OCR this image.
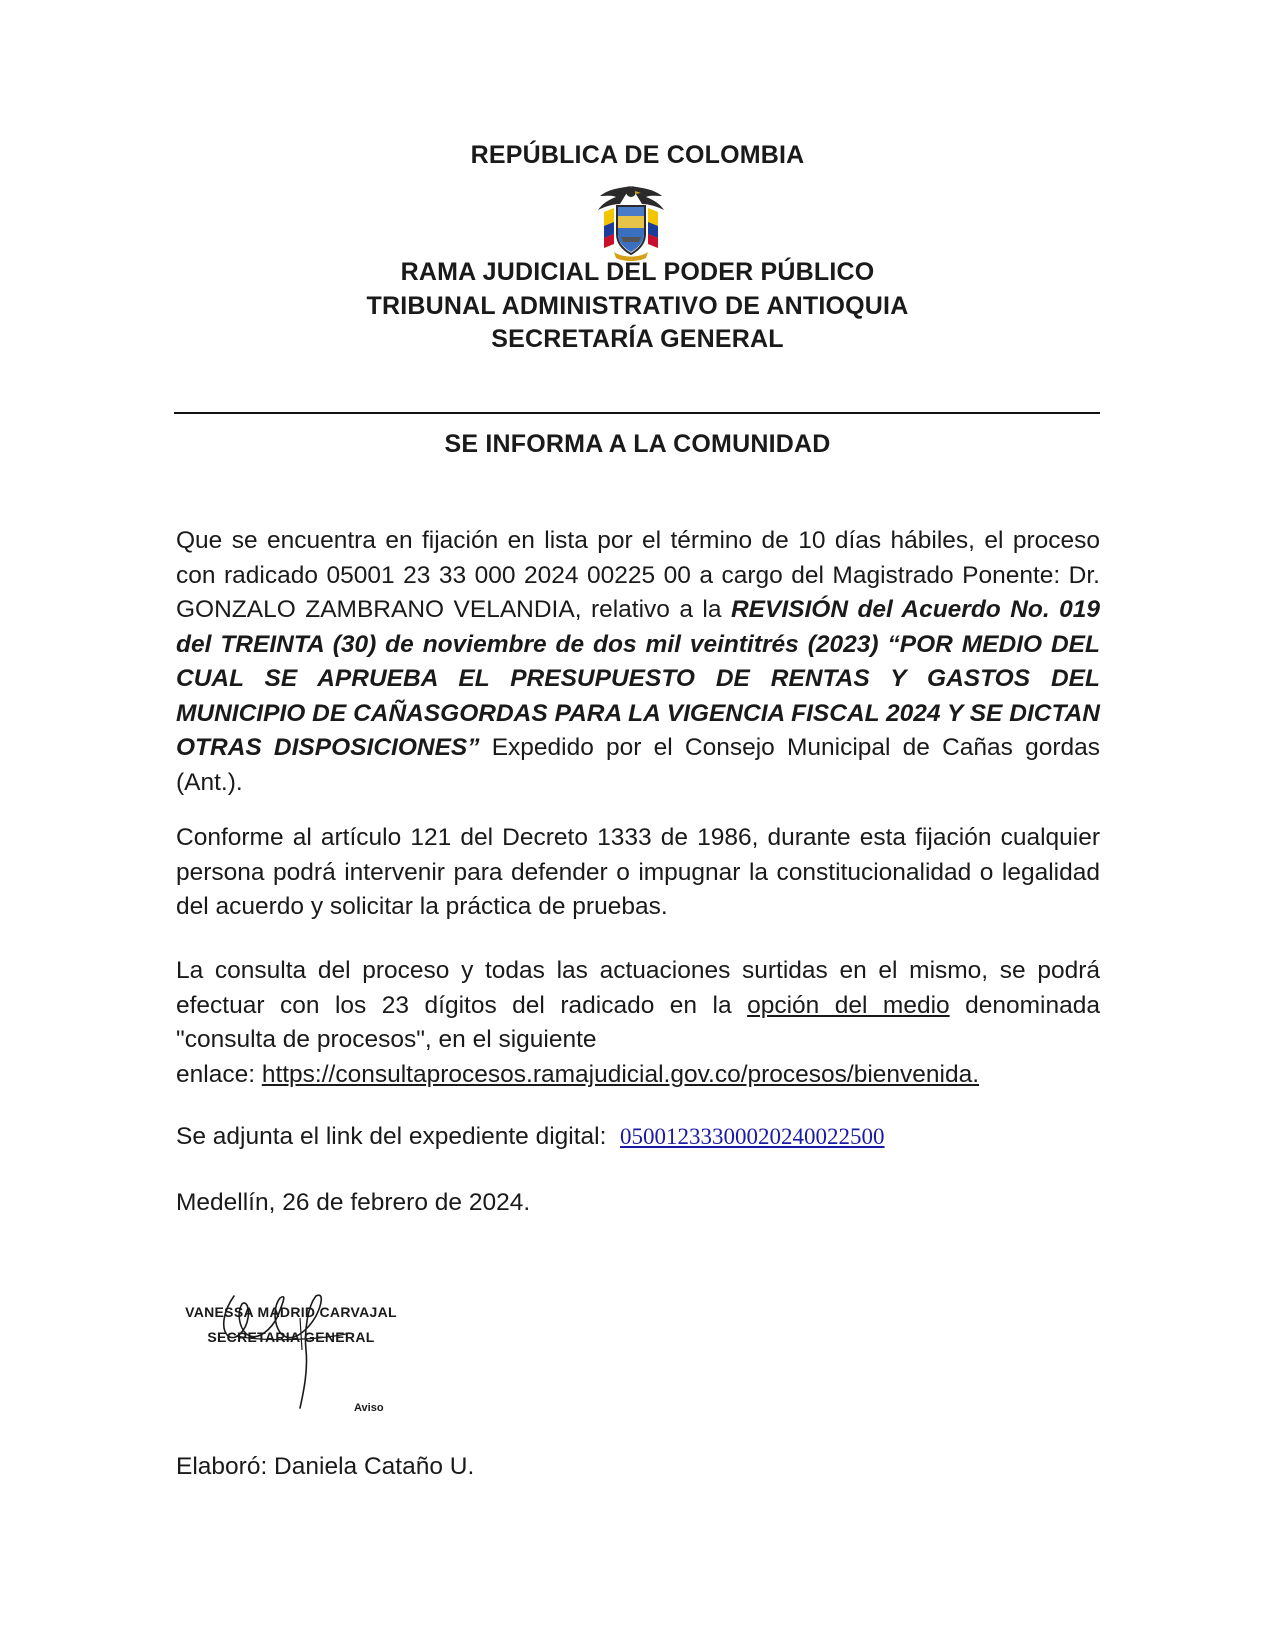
REPÚBLICA DE COLOMBIA
RAMA JUDICIAL DEL PODER PÚBLICO
TRIBUNAL ADMINISTRATIVO DE ANTIOQUIA
SECRETARÍA GENERAL
SE INFORMA A LA COMUNIDAD
Que se encuentra en fijación en lista por el término de 10 días hábiles, el proceso con radicado 05001 23 33 000 2024 00225 00 a cargo del Magistrado Ponente: Dr. GONZALO ZAMBRANO VELANDIA, relativo a la REVISIÓN del Acuerdo No. 019 del TREINTA (30) de noviembre de dos mil veintitrés (2023) “POR MEDIO DEL CUAL SE APRUEBA EL PRESUPUESTO DE RENTAS Y GASTOS DEL MUNICIPIO DE CAÑASGORDAS PARA LA VIGENCIA FISCAL 2024 Y SE DICTAN OTRAS DISPOSICIONES” Expedido por el Consejo Municipal de Cañas gordas (Ant.).
Conforme al artículo 121 del Decreto 1333 de 1986, durante esta fijación cualquier persona podrá intervenir para defender o impugnar la constitucionalidad o legalidad del acuerdo y solicitar la práctica de pruebas.
La consulta del proceso y todas las actuaciones surtidas en el mismo, se podrá efectuar con los 23 dígitos del radicado en la opción del medio denominada "consulta de procesos", en el siguiente
enlace: https://consultaprocesos.ramajudicial.gov.co/procesos/bienvenida.
Se adjunta el link del expediente digital: 05001233300020240022500
Medellín, 26 de febrero de 2024.
VANESSA MADRID CARVAJAL
SECRETARIA GENERAL
Aviso
Elaboró: Daniela Cataño U.
